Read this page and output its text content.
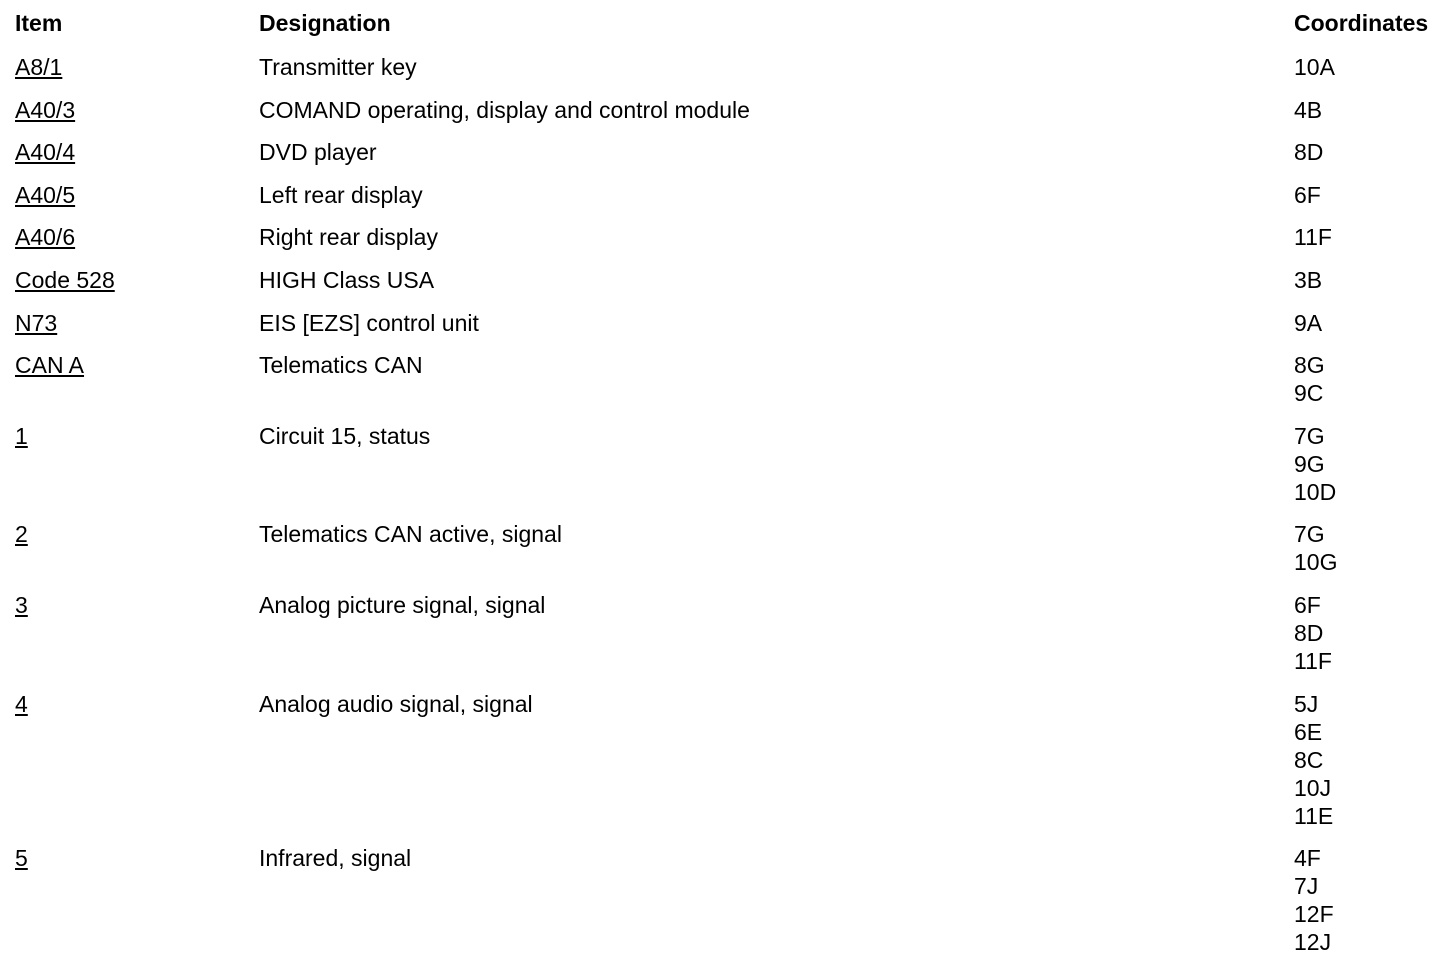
Item	Designation	Coordinates
A8/1	Transmitter key	10A
A40/3	COMAND operating, display and control module	4B
A40/4	DVD player	8D
A40/5	Left rear display	6F
A40/6	Right rear display	11F
Code 528	HIGH Class USA	3B
N73	EIS [EZS] control unit	9A
CAN A	Telematics CAN	8G
9C
1	Circuit 15, status	7G
9G
10D
2	Telematics CAN active, signal	7G
10G
3	Analog picture signal, signal	6F
8D
11F
4	Analog audio signal, signal	5J
6E
8C
10J
11E
5	Infrared, signal	4F
7J
12F
12J
